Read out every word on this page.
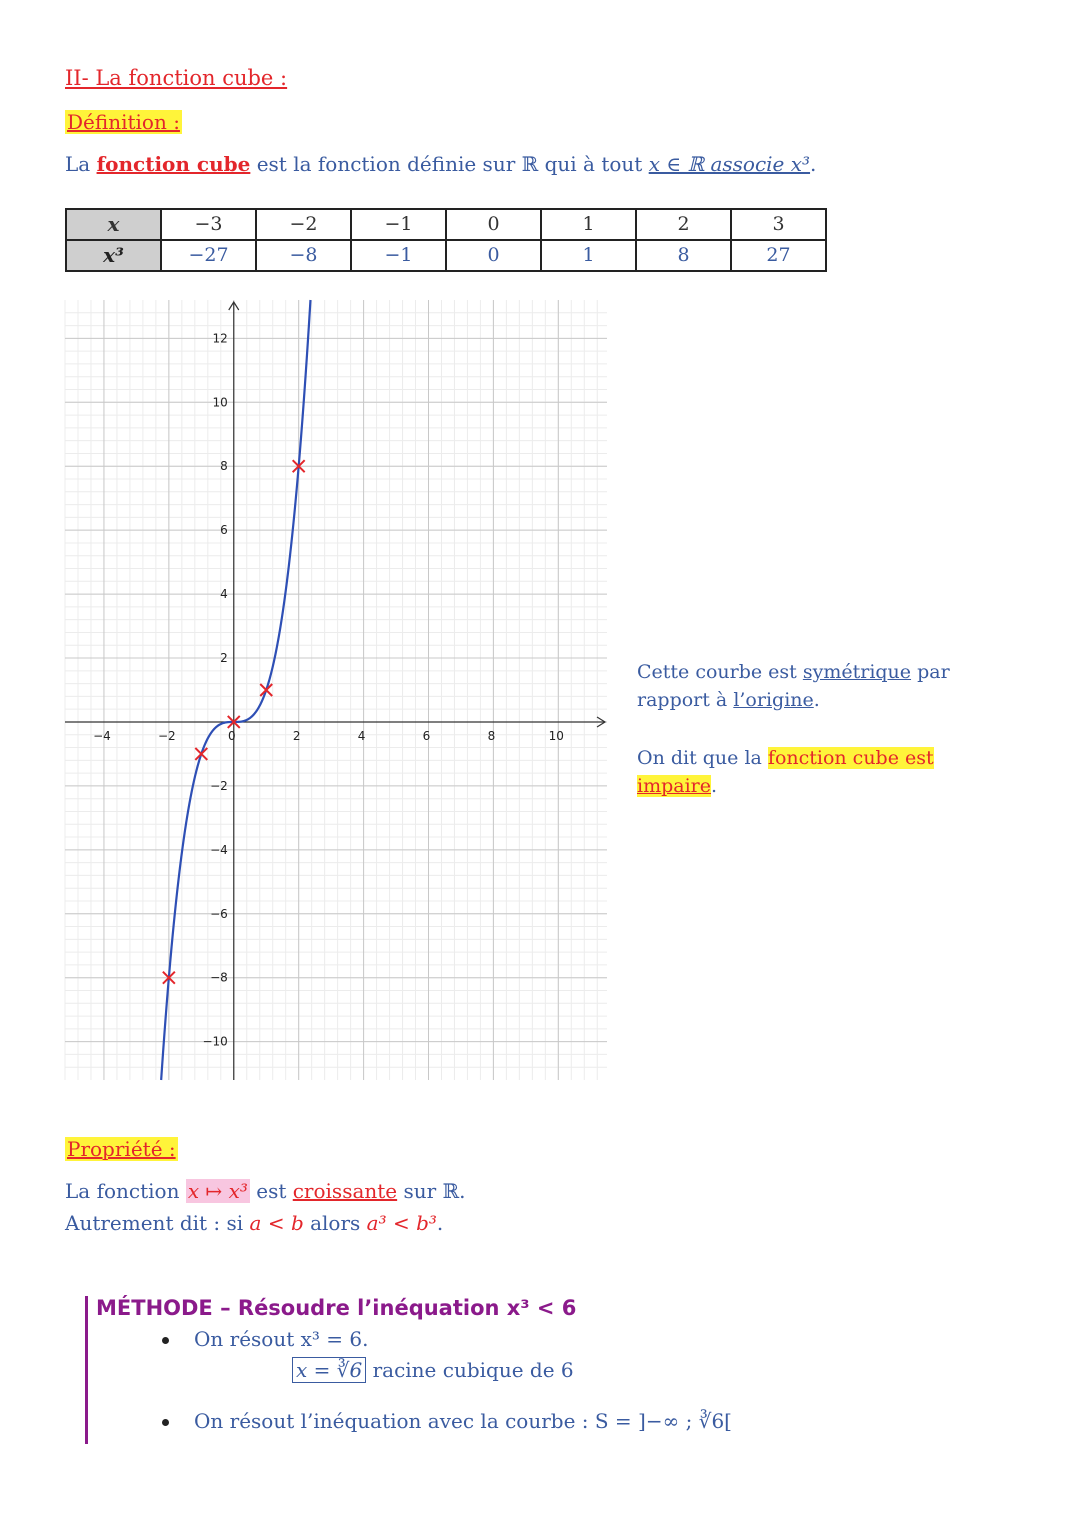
II- La fonction cube :
Définition :
La fonction cube est la fonction définie sur ℝ qui à tout x ∈ ℝ associe x³.
x	−3	−2	−1	0	1	2	3
x³	−27	−8	−1	0	1	8	27
−4	−2	0	2	4	6	8	10
12
10
8
6
4
2
−2
−4
−6
−8
−10
Cette courbe est symétrique par rapport à l’origine.
On dit que la fonction cube est
impaire.
Propriété :
La fonction x ↦ x³ est croissante sur ℝ.
Autrement dit : si a < b alors a³ < b³.
MÉTHODE – Résoudre l’inéquation x³ < 6
On résout x³ = 6.
x = ∛6 racine cubique de 6
On résout l’inéquation avec la courbe : S = ]−∞ ; ∛6[
